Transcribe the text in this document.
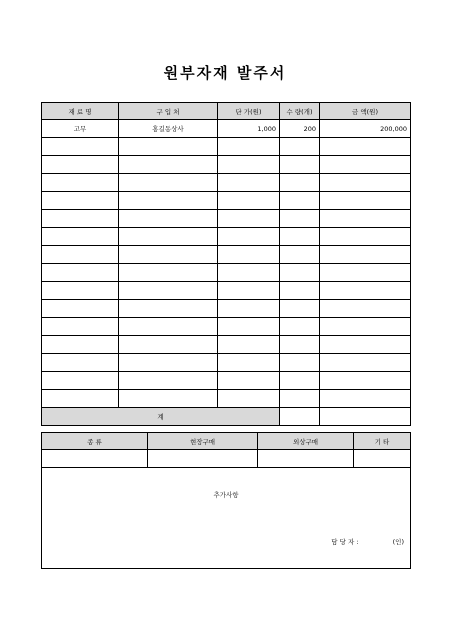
원부자재 발주서
재 료 명	구 입 처	단 가(원)	수 량(개)	금 액(원)
고무	홍길동상사	1,000	200	200,000

계				
종 류	현장구매	외상구매	기 타

추가사항
담 당 자 :	(인)
